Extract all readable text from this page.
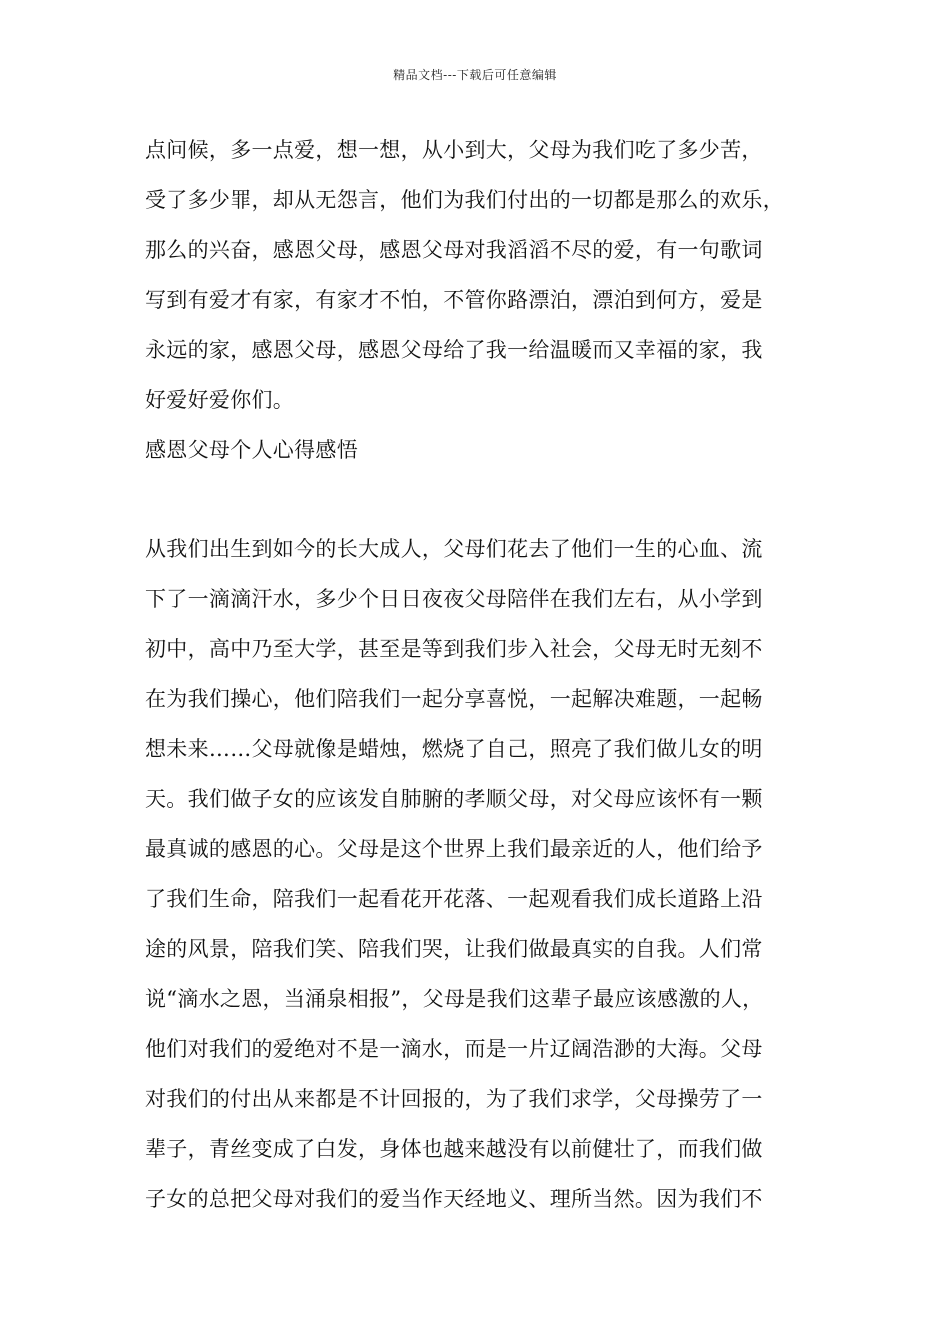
精品文档---下载后可任意编辑
点问候，多一点爱，想一想，从小到大，父母为我们吃了多少苦，
受了多少罪，却从无怨言，他们为我们付出的一切都是那么的欢乐，
那么的兴奋，感恩父母，感恩父母对我滔滔不尽的爱，有一句歌词
写到有爱才有家，有家才不怕，不管你路漂泊，漂泊到何方，爱是
永远的家，感恩父母，感恩父母给了我一给温暖而又幸福的家，我
好爱好爱你们。
感恩父母个人心得感悟
从我们出生到如今的长大成人，父母们花去了他们一生的心血、流
下了一滴滴汗水，多少个日日夜夜父母陪伴在我们左右，从小学到
初中，高中乃至大学，甚至是等到我们步入社会，父母无时无刻不
在为我们操心，他们陪我们一起分享喜悦，一起解决难题，一起畅
想未来……父母就像是蜡烛，燃烧了自己，照亮了我们做儿女的明
天。我们做子女的应该发自肺腑的孝顺父母，对父母应该怀有一颗
最真诚的感恩的心。父母是这个世界上我们最亲近的人，他们给予
了我们生命，陪我们一起看花开花落、一起观看我们成长道路上沿
途的风景，陪我们笑、陪我们哭，让我们做最真实的自我。人们常
说“滴水之恩，当涌泉相报”，父母是我们这辈子最应该感激的人，
他们对我们的爱绝对不是一滴水，而是一片辽阔浩渺的大海。父母
对我们的付出从来都是不计回报的，为了我们求学，父母操劳了一
辈子，青丝变成了白发，身体也越来越没有以前健壮了，而我们做
子女的总把父母对我们的爱当作天经地义、理所当然。因为我们不
